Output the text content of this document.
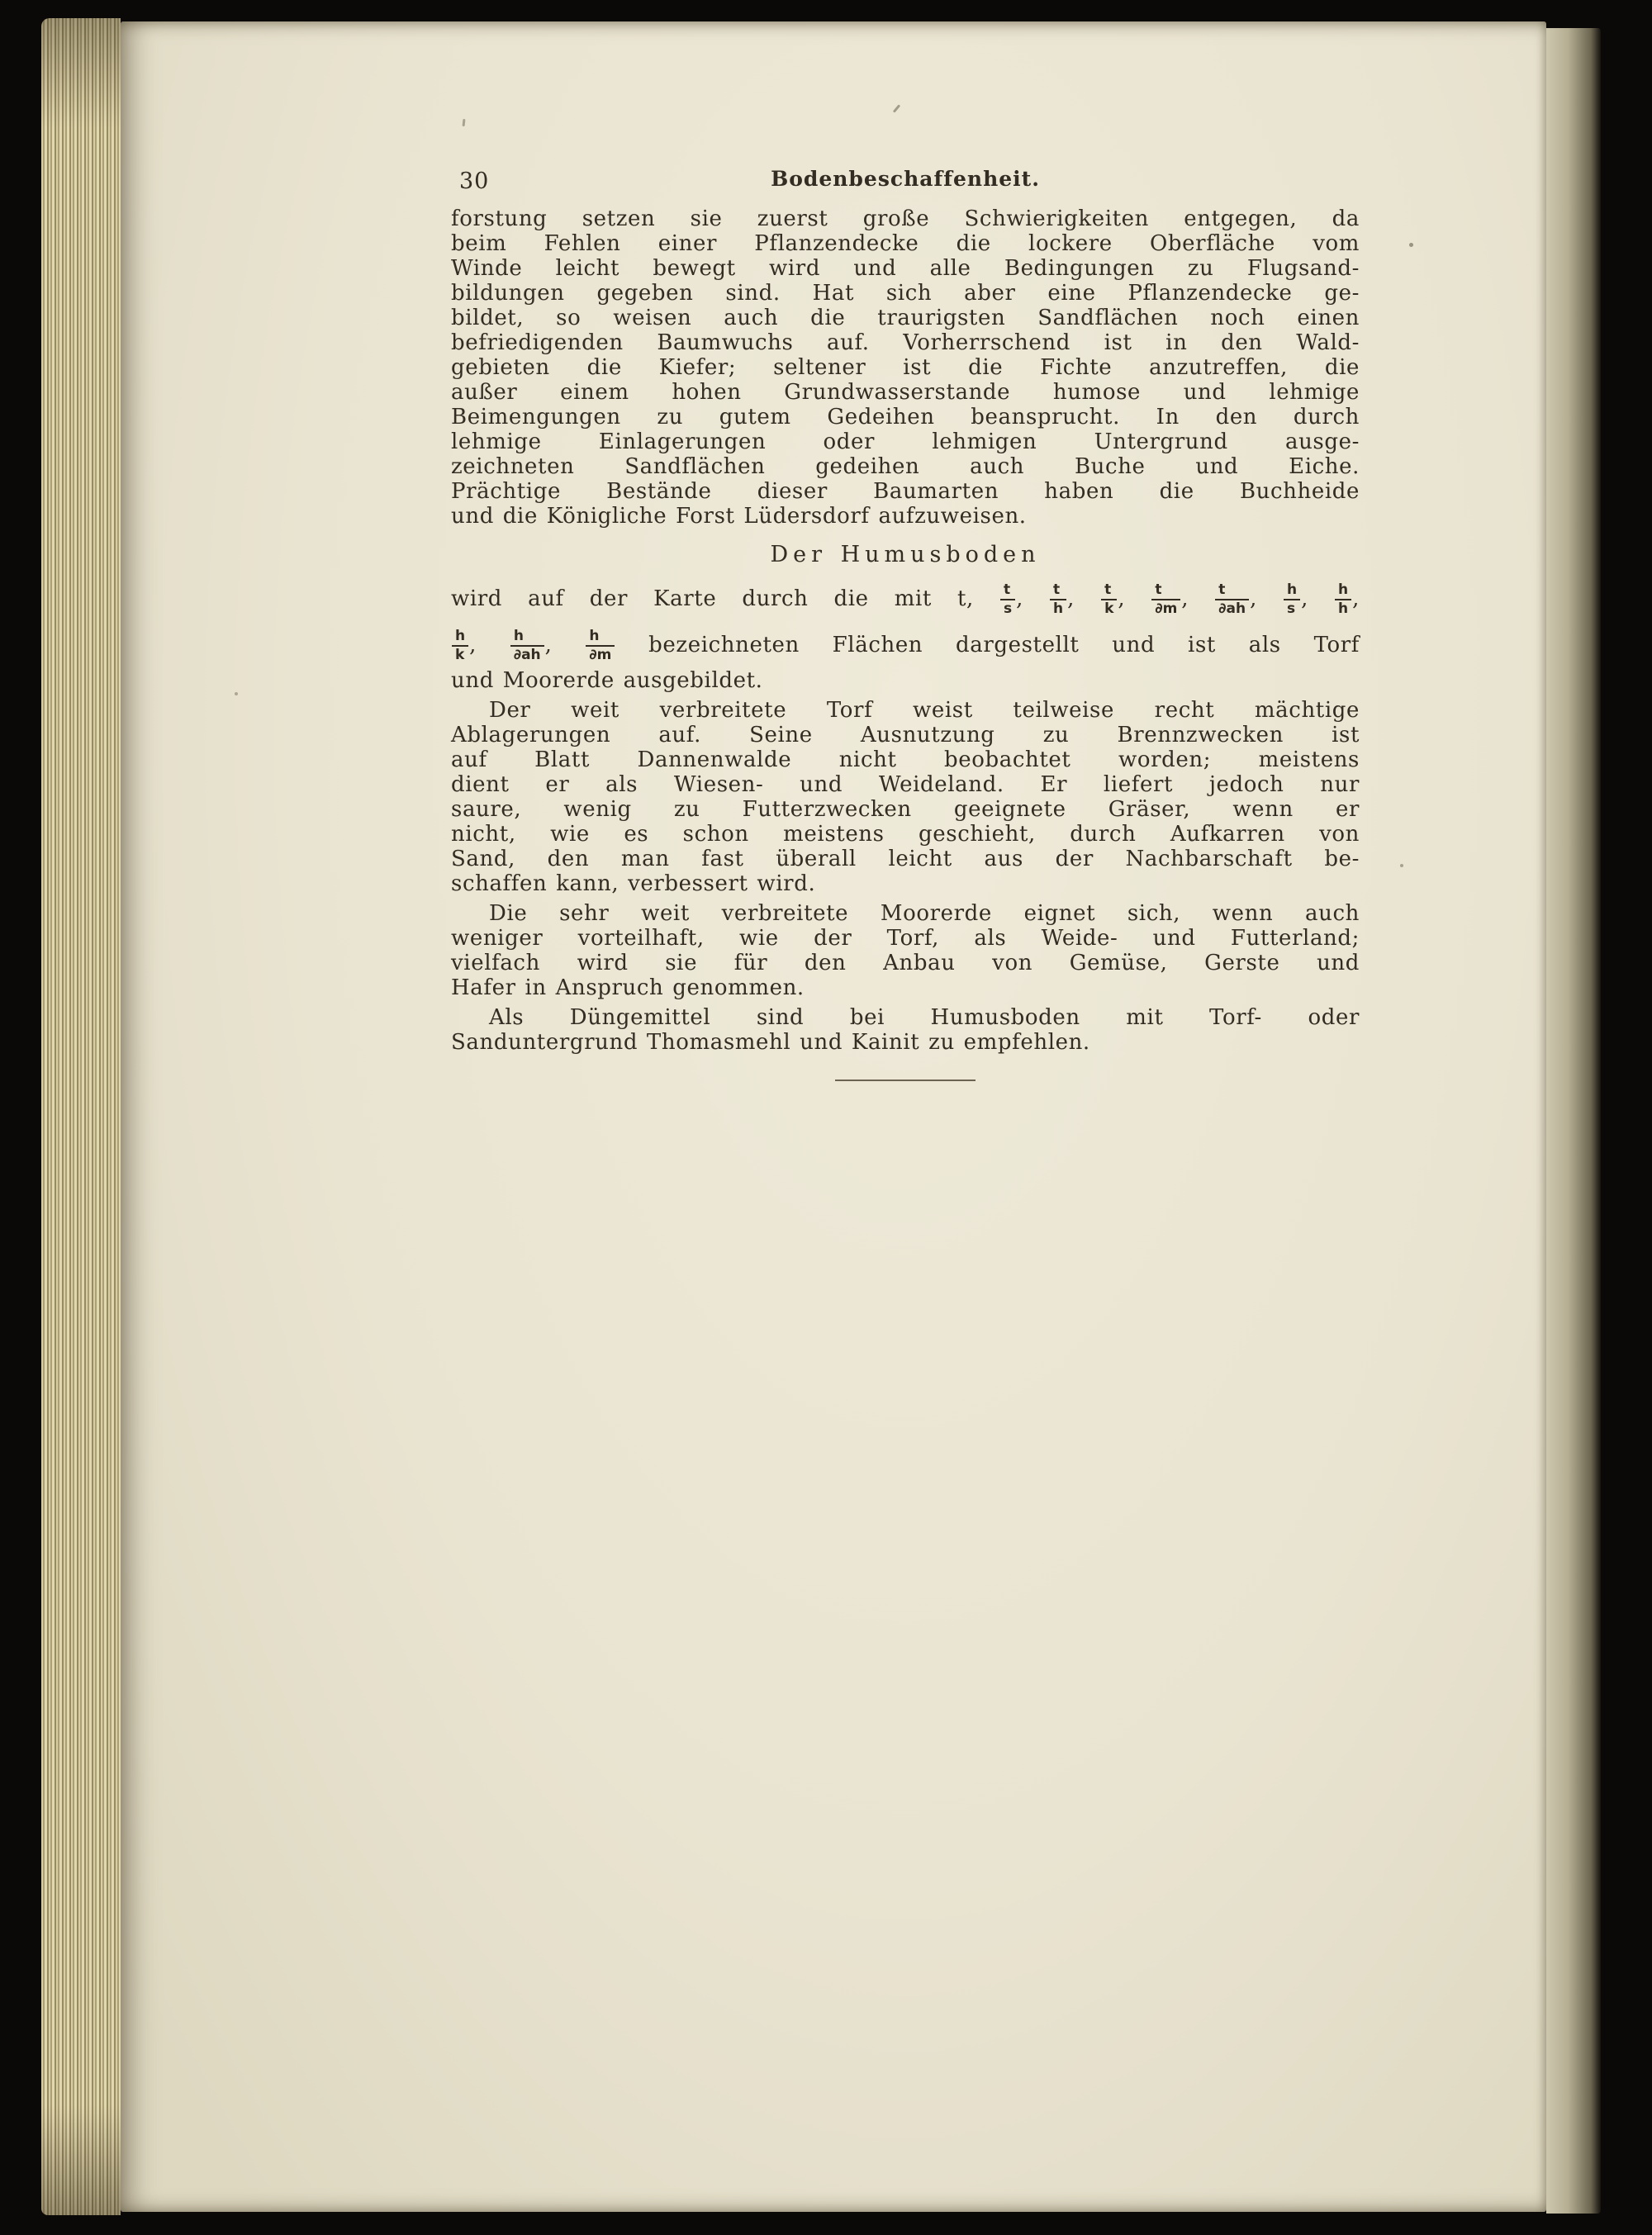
30	Bodenbeschaffenheit.
forstung setzen sie zuerst große Schwierigkeiten entgegen, da
beim Fehlen einer Pflanzendecke die lockere Oberfläche vom
Winde leicht bewegt wird und alle Bedingungen zu Flugsand-
bildungen gegeben sind. Hat sich aber eine Pflanzendecke ge-
bildet, so weisen auch die traurigsten Sandflächen noch einen
befriedigenden Baumwuchs auf. Vorherrschend ist in den Wald-
gebieten die Kiefer; seltener ist die Fichte anzutreffen, die
außer einem hohen Grundwasserstande humose und lehmige
Beimengungen zu gutem Gedeihen beansprucht. In den durch
lehmige Einlagerungen oder lehmigen Untergrund ausge-
zeichneten Sandflächen gedeihen auch Buche und Eiche.
Prächtige Bestände dieser Baumarten haben die Buchheide
und die Königliche Forst Lüdersdorf aufzuweisen.
Der Humusboden
wird auf der Karte durch die mit t, $\frac{t}{s}$ , $\frac{t}{h}$ , $\frac{t}{k}$ , $\frac{t}{\partial m}$ , $\frac{t}{\partial ah}$ , $\frac{h}{s}$ , $\frac{h}{h}$ ,
$\frac{h}{k}$ , $\frac{h}{\partial ah}$ , $\frac{h}{\partial m}$ bezeichneten Flächen dargestellt und ist als Torf
und Moorerde ausgebildet.
Der weit verbreitete Torf weist teilweise recht mächtige
Ablagerungen auf. Seine Ausnutzung zu Brennzwecken ist
auf Blatt Dannenwalde nicht beobachtet worden; meistens
dient er als Wiesen- und Weideland. Er liefert jedoch nur
saure, wenig zu Futterzwecken geeignete Gräser, wenn er
nicht, wie es schon meistens geschieht, durch Aufkarren von
Sand, den man fast überall leicht aus der Nachbarschaft be-
schaffen kann, verbessert wird.
Die sehr weit verbreitete Moorerde eignet sich, wenn auch
weniger vorteilhaft, wie der Torf, als Weide- und Futterland;
vielfach wird sie für den Anbau von Gemüse, Gerste und
Hafer in Anspruch genommen.
Als Düngemittel sind bei Humusboden mit Torf- oder
Sanduntergrund Thomasmehl und Kainit zu empfehlen.
